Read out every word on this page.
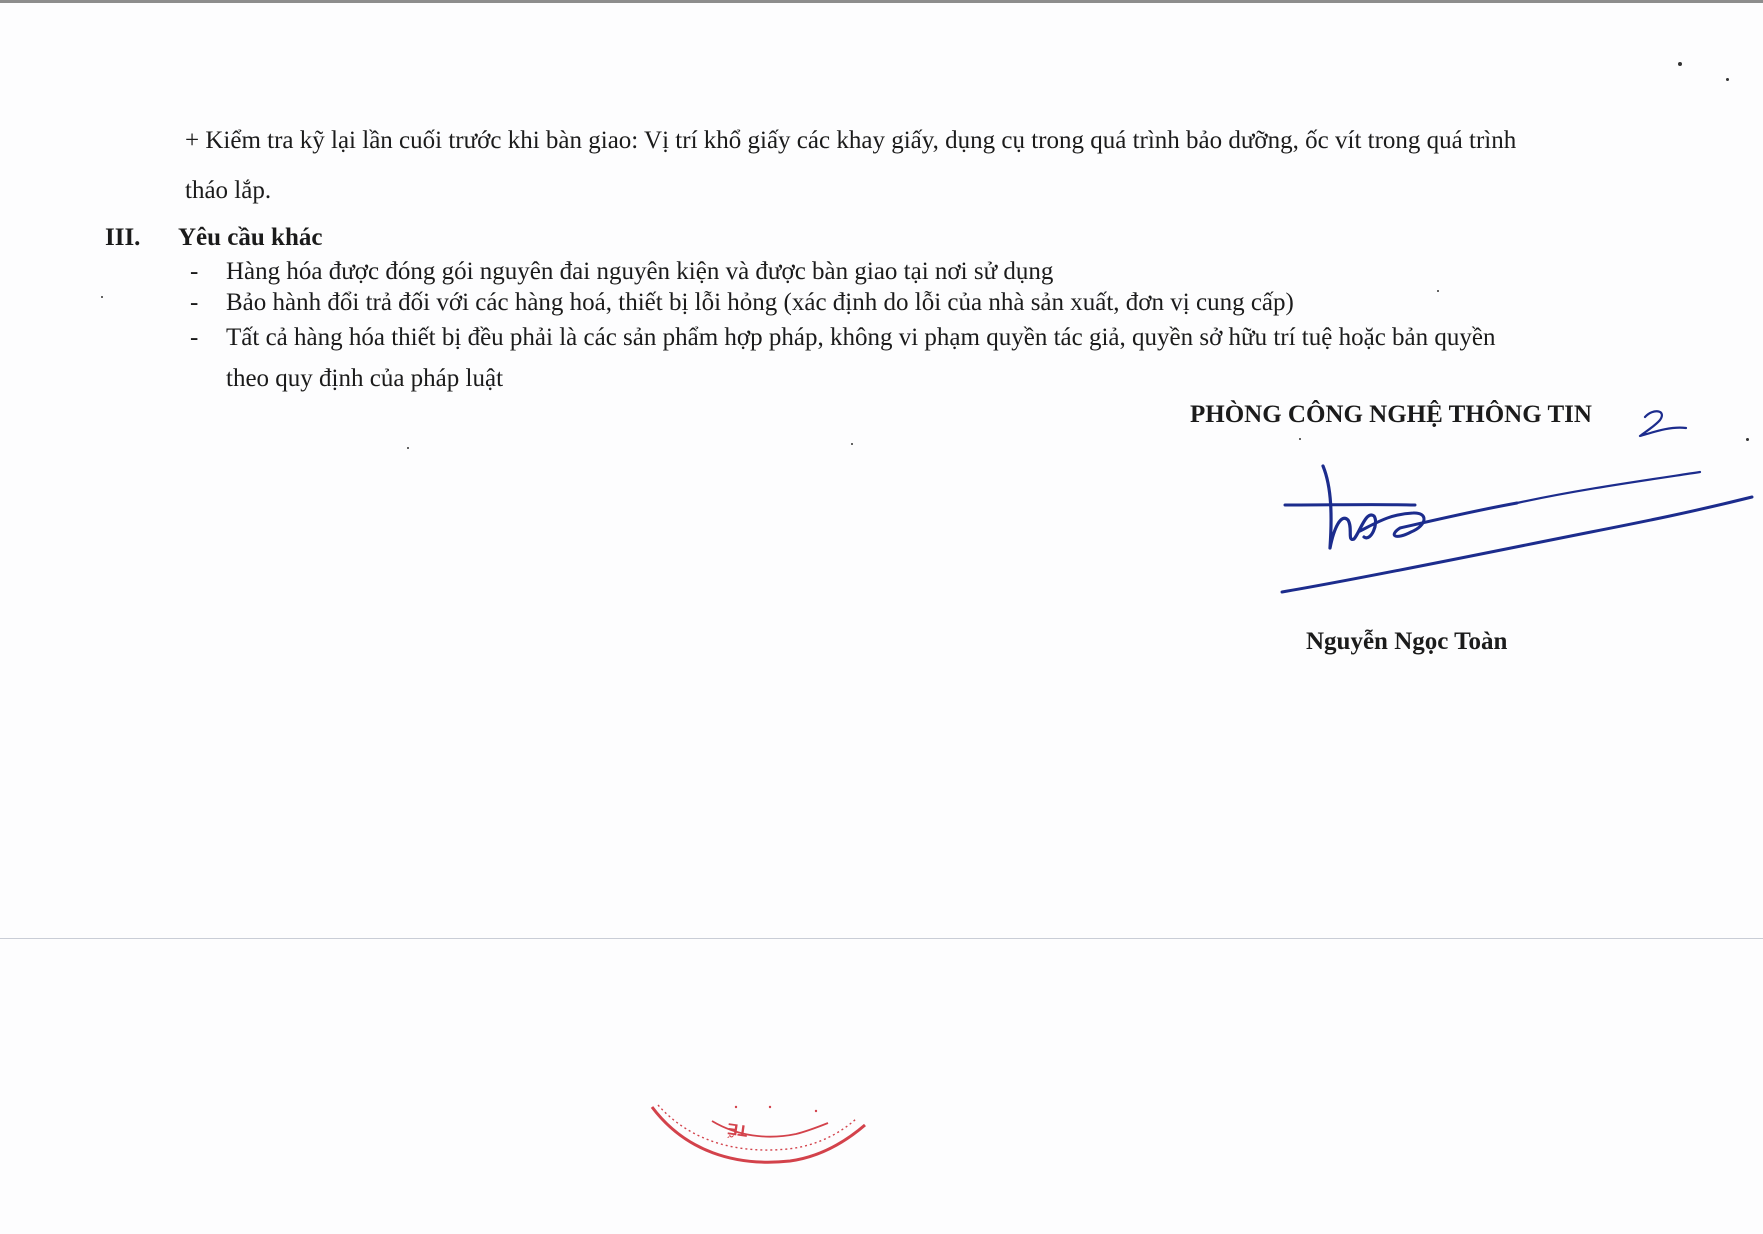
+ Kiểm tra kỹ lại lần cuối trước khi bàn giao: Vị trí khổ giấy các khay giấy, dụng cụ trong quá trình bảo dưỡng, ốc vít trong quá trình
tháo lắp.
III. Yêu cầu khác
- Hàng hóa được đóng gói nguyên đai nguyên kiện và được bàn giao tại nơi sử dụng
- Bảo hành đổi trả đối với các hàng hoá, thiết bị lỗi hỏng (xác định do lỗi của nhà sản xuất, đơn vị cung cấp)
- Tất cả hàng hóa thiết bị đều phải là các sản phẩm hợp pháp, không vi phạm quyền tác giả, quyền sở hữu trí tuệ hoặc bản quyền
theo quy định của pháp luật
PHÒNG CÔNG NGHỆ THÔNG TIN
Nguyễn Ngọc Toàn
TẾ
